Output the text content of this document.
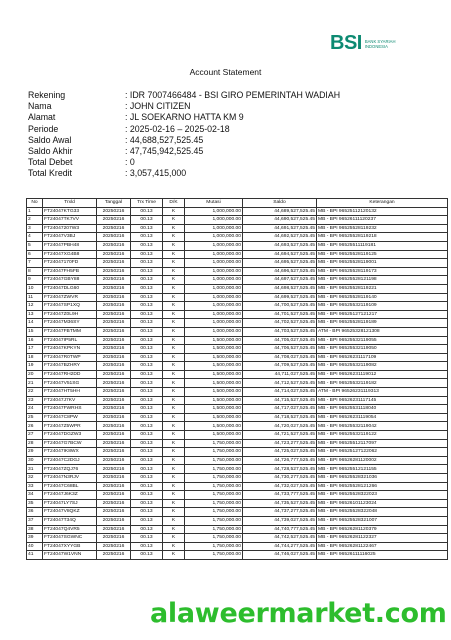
BSI BANK SYARIAH INDONESIA
Account Statement
Rekening	: IDR 7007466484 - BSI GIRO PEMERINTAH WADIAH
Nama	: JOHN CITIZEN
Alamat	: JL SOEKARNO HATTA KM 9
Periode	: 2025-02-16 – 2025-02-18
Saldo Awal	: 44,688,527,525.45
Saldo Akhir	: 47,745,942,525.45
Total Debet	: 0
Total Kredit	: 3,057,415,000
No	Trxld	Tanggal	Trx Time	D/K	Mutasi	Saldo	Keterangan
1	FT24047KTG33	20250216	00.13	K	1,000,000.00	44,689,527,525.45	MB - BPI 96525112120132
2	FT24047TK7VV	20250216	00.13	K	1,000,000.00	44,690,527,525.45	MB - BPI 96526111120237
3	FT24047207W3	20250216	00.13	K	1,000,000.00	44,691,527,525.45	MB - BPI 96525528119232
4	FT24047V3BJ	20250216	00.13	K	1,000,000.00	44,692,527,525.45	MB - BPI 96525528119218
5	FT24047PBH48	20250216	00.13	K	1,000,000.00	44,693,527,525.45	MB - BPI 96525511119181
6	FT24047XG4B8	20250216	00.13	K	1,000,000.00	44,694,527,525.45	MB - BPI 96525528119125
7	FT24047170FD	20250216	00.13	K	1,000,000.00	44,695,527,525.45	MB - BPI 96525528119001
8	FT24047FH5FB	20250216	00.13	K	1,000,000.00	44,696,527,525.45	MB - BPI 96525528119173
9	FT24047GBY88	20250216	00.13	K	1,000,000.00	44,697,527,525.45	MB - BPI 96525528121198
10	FT24047DLG60	20250216	00.13	K	1,000,000.00	44,698,527,525.45	MB - BPI 96525528119221
11	FT24047ZWVR	20250216	00.13	K	1,000,000.00	44,699,527,525.45	MB - BPI 96525528119140
12	FT24047SP1XQ	20250216	00.13	K	1,000,000.00	44,700,527,525.45	MB - BPI 96525532119109
13	FT24047Z0L9H	20250216	00.13	K	1,000,000.00	44,701,527,525.45	MB - BPI 96525127121217
14	FT24047M36SY	20250216	00.13	K	1,000,000.00	44,702,527,525.45	MB - BPI 96525528119189
15	FT24047FBTMM	20250216	00.13	K	1,000,000.00	44,703,527,525.45	ATM - BPI 96525328121308
16	FT24047IP5RL	20250216	00.13	K	1,500,000.00	44,705,027,525.45	MB - BPI 96525532119055
17	FT24047KPKYN	20250216	00.13	K	1,500,000.00	44,706,527,525.45	MB - BPI 96525532119050
18	FT24047R0TWP	20250216	00.13	K	1,500,000.00	44,708,027,525.45	MB - BPI 96526231117109
19	FT24047BZHRY	20250216	00.13	K	1,500,000.00	44,709,527,525.45	MB - BPI 96525532119082
20	FT24047RH2DD	20250216	00.13	K	1,500,000.00	44,711,027,525.45	MB - BPI 96526231119012
21	FT24047V51SG	20250216	00.13	K	1,500,000.00	44,712,527,525.45	MB - BPI 96525532119182
22	FT24047HT5HH	20250216	00.13	K	1,500,000.00	44,714,027,525.45	ATM - BPI 96526231119313
23	FT24047J7KV	20250216	00.13	K	1,500,000.00	44,715,527,525.45	MB - BPI 96526231117145
24	FT24047FWRHS	20250216	00.13	K	1,500,000.00	44,717,027,525.45	MB - BPI 96525531118040
25	FT24047C8PW	20250216	00.13	K	1,500,000.00	44,718,527,525.45	MB - BPI 96526231119054
26	FT24047Z5WPR	20250216	00.13	K	1,500,000.00	44,720,027,525.45	MB - BPI 96525532119042
27	FT24047DGZW3	20250216	00.13	K	1,500,000.00	44,721,527,525.45	MB - BPI 96525532119122
28	FT24047G7BCW	20250216	00.13	K	1,750,000.00	44,723,277,525.45	MB - BPI 96525512117097
29	FT24047IK8WX	20250216	00.13	K	1,750,000.00	44,725,027,525.45	MB - BPI 96525127122062
30	FT24047C2DGJ	20250216	00.13	K	1,750,000.00	44,726,777,525.45	MB - BPI 96526281120002
31	FT24047ZQJ76	20250216	00.13	K	1,750,000.00	44,728,527,525.45	MB - BPI 96525512121155
32	FT24047N3RJV	20250216	00.13	K	1,750,000.00	44,730,277,525.45	MB - BPI 96525528321036
33	FT24047C68BL	20250216	00.13	K	1,750,000.00	44,732,027,525.45	MB - BPI 96525528121266
34	FT24047J6K3Z	20250216	00.13	K	1,750,000.00	44,733,777,525.45	MB - BPI 96525528322023
35	FT24047LY7SJ	20250216	00.13	K	1,750,000.00	44,735,527,525.45	MB - BPI 96526101123024
36	FT24047V8QKZ	20250216	00.13	K	1,750,000.00	44,737,277,525.45	MB - BPI 96525528322048
37	FT24047T34Q	20250216	00.13	K	1,750,000.00	44,739,027,525.45	MB - BPI 96525528321007
38	FT24047Q4VR5	20250216	00.13	K	1,750,000.00	44,740,777,525.45	MB - BPI 96526281120379
39	FT24047SGWNC	20250216	00.13	K	1,750,000.00	44,742,527,525.45	MB - BPI 96526281122327
40	FT24047XYYGB	20250216	00.13	K	1,750,000.00	44,744,277,525.45	MB - BPI 96526281122467
41	FT24047W1VNN	20250216	00.13	K	1,750,000.00	44,746,027,525.45	MB - BPI 96526111116025
alaweermarket.com
